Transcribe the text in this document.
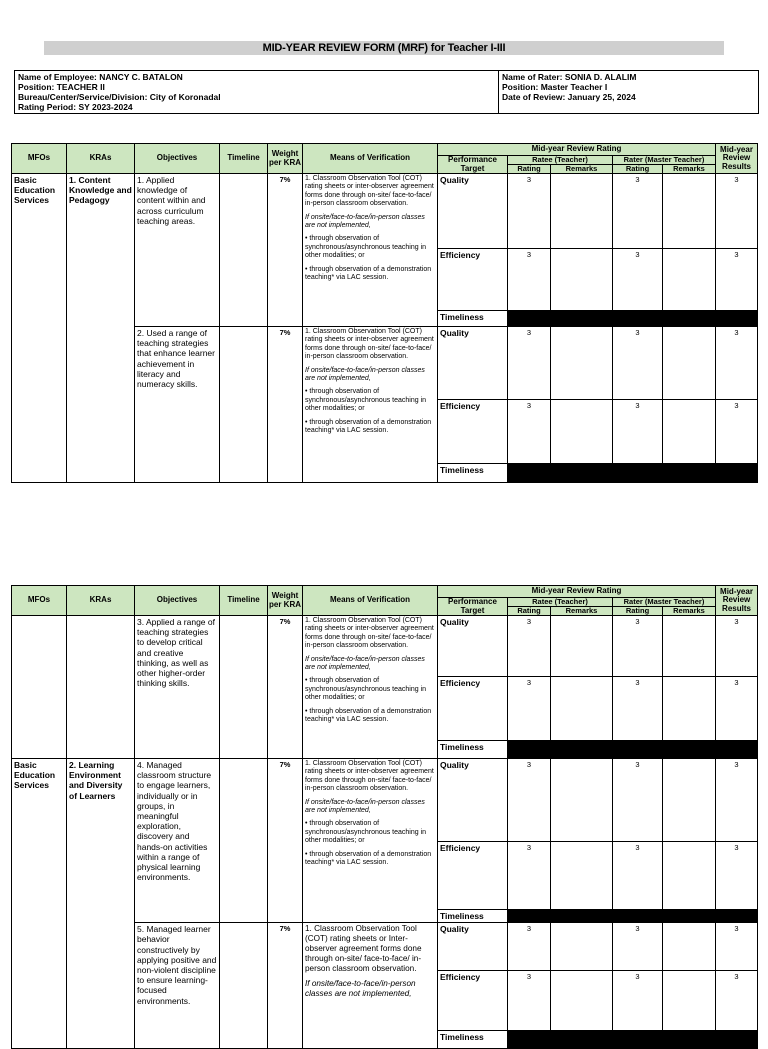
MID-YEAR REVIEW FORM (MRF) for Teacher I-III
Name of Employee: NANCY C. BATALON
Position: TEACHER II
Bureau/Center/Service/Division: City of Koronadal
Rating Period: SY 2023-2024

Name of Rater: SONIA D. ALALIM
Position: Master Teacher I
Date of Review: January 25, 2024
MFOs	KRAs	Objectives	Timeline	Weight per KRA	Means of Verification	Mid-year Review Rating					Mid-year Review Results
						Performance Target	Ratee (Teacher)		Rater (Master Teacher)		
							Rating	Remarks	Rating	Remarks	
Basic Education Services	1. Content Knowledge and Pedagogy	1. Applied knowledge of content within and across curriculum teaching areas.		7%	1. Classroom Observation Tool (COT) rating sheets or inter-observer agreement forms done through on-site/ face-to-face/ in-person classroom observation.

If onsite/face-to-face/in-person classes are not implemented,

• through observation of synchronous/asynchronous teaching in other modalities; or

• through observation of a demonstration teaching* via LAC session.	Quality	3		3		3
						Efficiency	3		3		3
						Timeliness					
		2. Used a range of teaching strategies that enhance learner achievement in literacy and numeracy skills.		7%	1. Classroom Observation Tool (COT) rating sheets or inter-observer agreement forms done through on-site/ face-to-face/ in-person classroom observation.

If onsite/face-to-face/in-person classes are not implemented,

• through observation of synchronous/asynchronous teaching in other modalities; or

• through observation of a demonstration teaching* via LAC session.	Quality	3		3		3
						Efficiency	3		3		3
						Timeliness					
MFOs	KRAs	Objectives	Timeline	Weight per KRA	Means of Verification	Mid-year Review Rating					Mid-year Review Results
						Performance Target	Ratee (Teacher)		Rater (Master Teacher)		
							Rating	Remarks	Rating	Remarks	
		3. Applied a range of teaching strategies to develop critical and creative thinking, as well as other higher-order thinking skills.		7%	1. Classroom Observation Tool (COT) rating sheets or inter-observer agreement forms done through on-site/ face-to-face/ in-person classroom observation.

If onsite/face-to-face/in-person classes are not implemented,

• through observation of synchronous/asynchronous teaching in other modalities; or

• through observation of a demonstration teaching* via LAC session.	Quality	3		3		3
						Efficiency	3		3		3
						Timeliness					
Basic Education Services	2. Learning Environment and Diversity of Learners	4. Managed classroom structure to engage learners, individually or in groups, in meaningful exploration, discovery and hands-on activities within a range of physical learning environments.		7%	1. Classroom Observation Tool (COT) rating sheets or inter-observer agreement forms done through on-site/ face-to-face/ in-person classroom observation.

If onsite/face-to-face/in-person classes are not implemented,

• through observation of synchronous/asynchronous teaching in other modalities; or

• through observation of a demonstration teaching* via LAC session.	Quality	3		3		3
						Efficiency	3		3		3
						Timeliness					
		5. Managed learner behavior constructively by applying positive and non-violent discipline to ensure learning-focused environments.		7%	1. Classroom Observation Tool (COT) rating sheets or Inter-observer agreement forms done through on-site/ face-to-face/ in-person classroom observation.

If onsite/face-to-face/in-person classes are not implemented,	Quality	3		3		3
						Efficiency	3		3		3
						Timeliness					
